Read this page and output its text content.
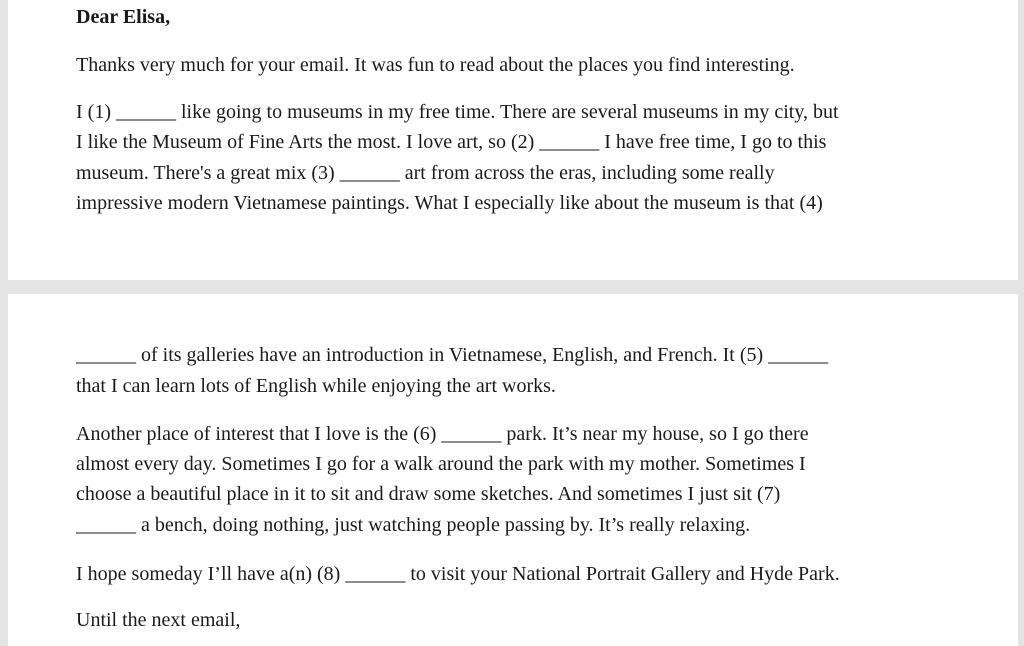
Dear Elisa,
Thanks very much for your email. It was fun to read about the places you find interesting.
I (1) ______ like going to museums in my free time. There are several museums in my city, but
I like the Museum of Fine Arts the most. I love art, so (2) ______ I have free time, I go to this
museum. There's a great mix (3) ______ art from across the eras, including some really
impressive modern Vietnamese paintings. What I especially like about the museum is that (4)
______ of its galleries have an introduction in Vietnamese, English, and French. It (5) ______
that I can learn lots of English while enjoying the art works.
Another place of interest that I love is the (6) ______ park. It’s near my house, so I go there
almost every day. Sometimes I go for a walk around the park with my mother. Sometimes I
choose a beautiful place in it to sit and draw some sketches. And sometimes I just sit (7)
______ a bench, doing nothing, just watching people passing by. It’s really relaxing.
I hope someday I’ll have a(n) (8) ______ to visit your National Portrait Gallery and Hyde Park.
Until the next email,
